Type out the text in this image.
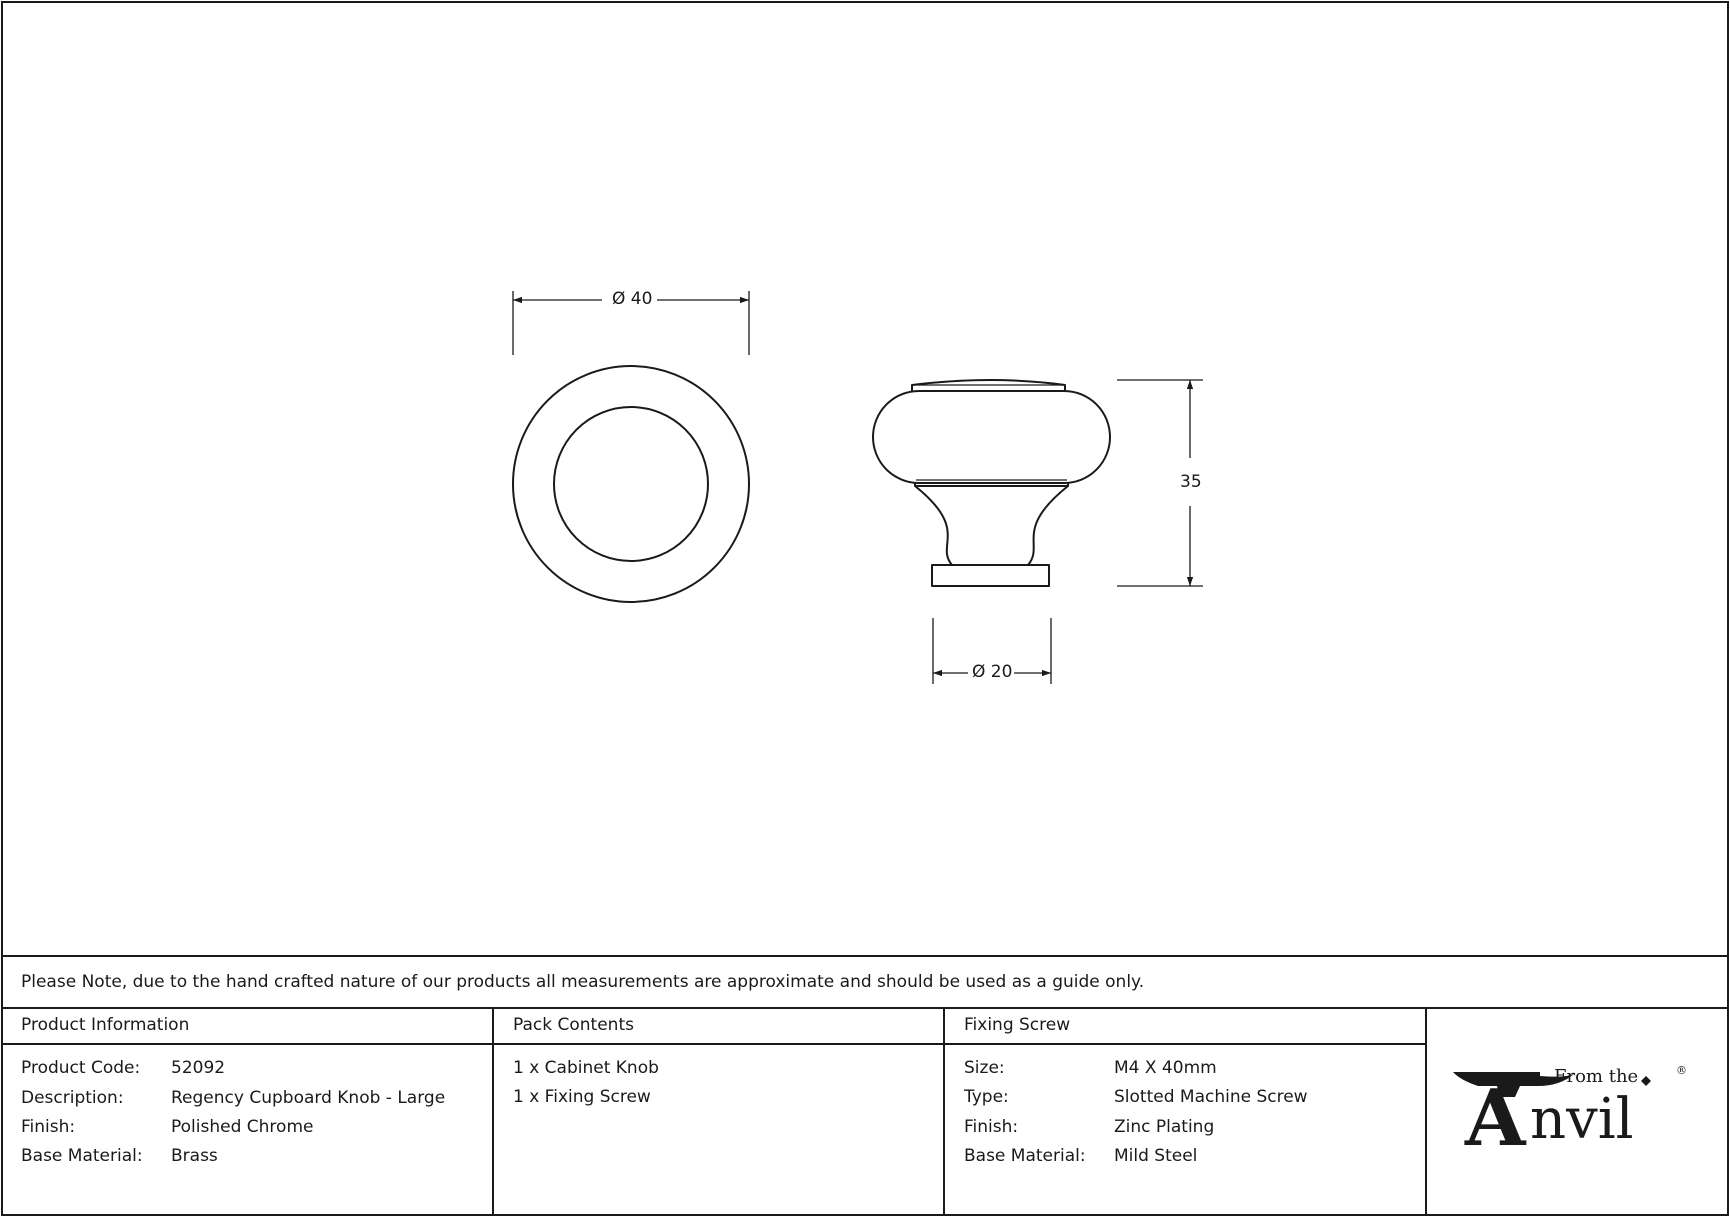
Ø 40
35
Ø 20
Please Note, due to the hand crafted nature of our products all measurements are approximate and should be used as a guide only.
Product Information
Product Code: 52092
Description:	Regency Cupboard Knob - Large
Finish:	Polished Chrome
Base Material: Brass
Pack Contents
1 x Cabinet Knob
1 x Fixing Screw
Fixing Screw
Size:	M4 X 40mm
Type:	Slotted Machine Screw
Finish:	Zinc Plating
Base Material: Mild Steel
From the	®
A nvil
